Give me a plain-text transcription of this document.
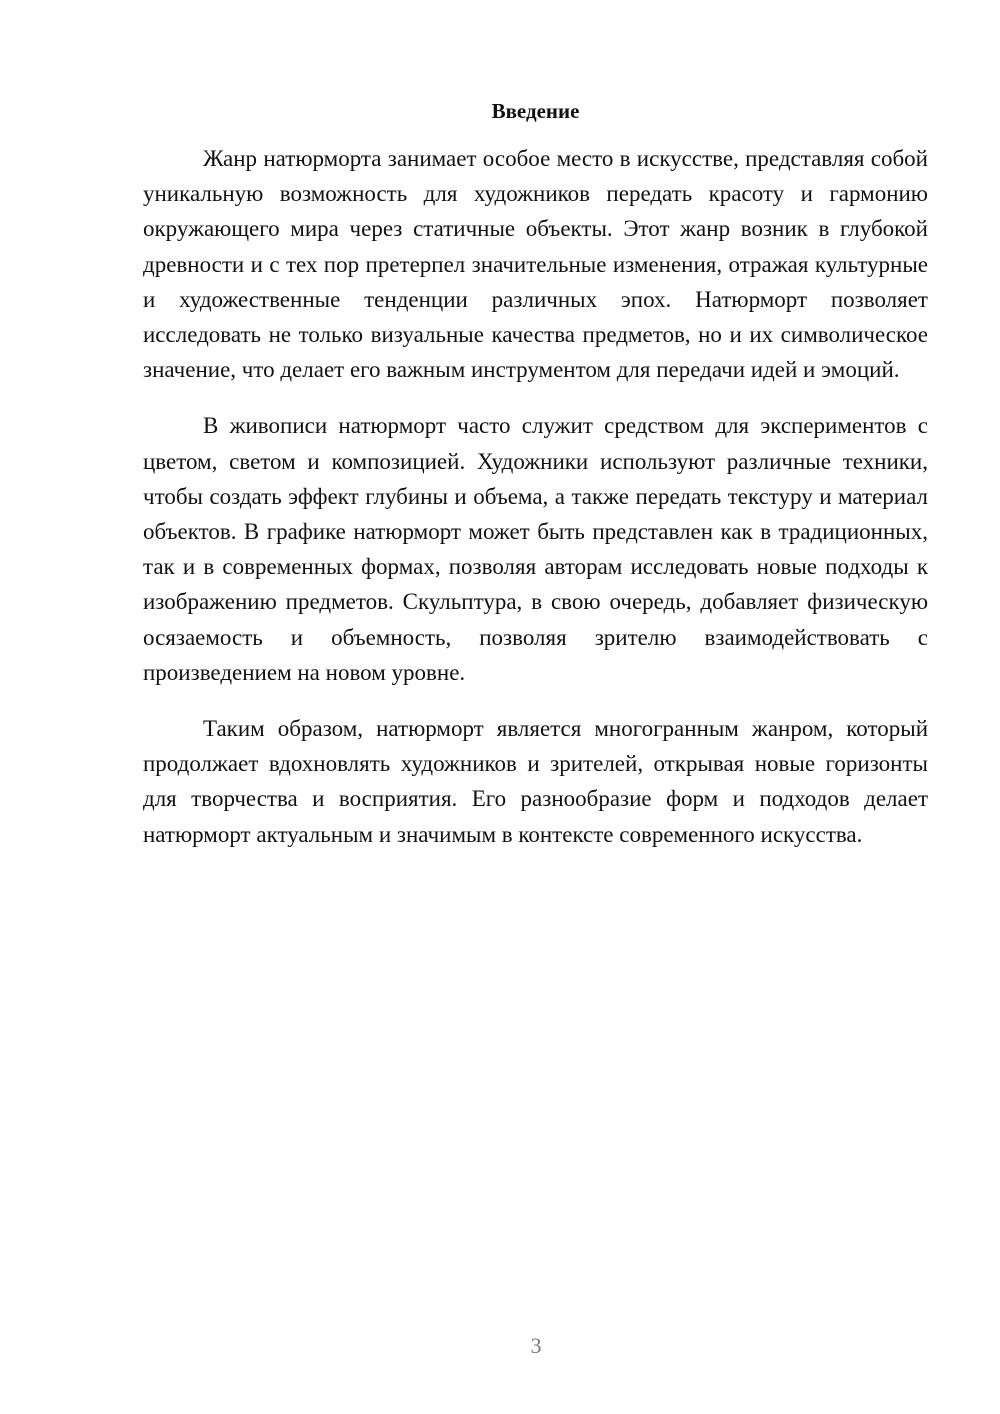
Введение

Жанр натюрморта занимает особое место в искусстве, представляя собой уникальную возможность для художников передать красоту и гармонию окружающего мира через статичные объекты. Этот жанр возник в глубокой древности и с тех пор претерпел значительные изменения, отражая культурные и художественные тенденции различных эпох. Натюрморт позволяет исследовать не только визуальные качества предметов, но и их символическое значение, что делает его важным инструментом для передачи идей и эмоций.

В живописи натюрморт часто служит средством для экспериментов с цветом, светом и композицией. Художники используют различные техники, чтобы создать эффект глубины и объема, а также передать текстуру и материал объектов. В графике натюрморт может быть представлен как в традиционных, так и в современных формах, позволяя авторам исследовать новые подходы к изображению предметов. Скульптура, в свою очередь, добавляет физическую осязаемость и объемность, позволяя зрителю взаимодействовать с произведением на новом уровне.

Таким образом, натюрморт является многогранным жанром, который продолжает вдохновлять художников и зрителей, открывая новые горизонты для творчества и восприятия. Его разнообразие форм и подходов делает натюрморт актуальным и значимым в контексте современного искусства.

3
